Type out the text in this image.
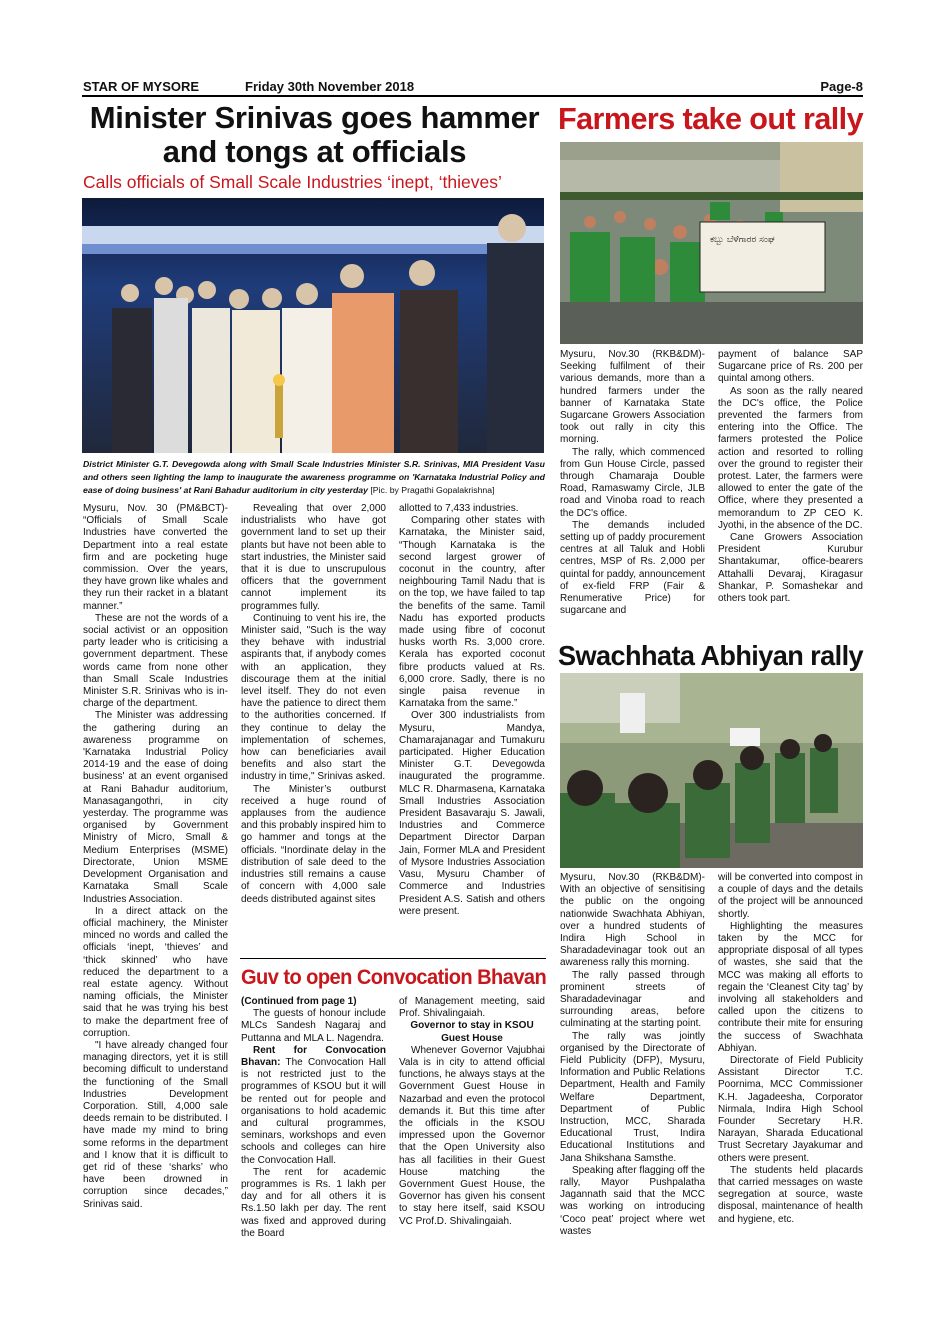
STAR OF MYSORE	Friday 30th November 2018	Page-8
Minister Srinivas goes hammer and tongs at officials
Calls officials of Small Scale Industries ‘inept, ‘thieves’
District Minister G.T. Devegowda along with Small Scale Industries Minister S.R. Srinivas, MIA President Vasu and others seen lighting the lamp to inaugurate the awareness programme on 'Karnataka Industrial Policy and ease of doing business' at Rani Bahadur auditorium in city yesterday [Pic. by Pragathi Gopalakrishna]

Mysuru, Nov. 30 (PM&BCT)- “Officials of Small Scale Industries have converted the Department into a real estate firm and are pocketing huge commission. Over the years, they have grown like whales and they run their racket in a blatant manner.”

These are not the words of a social activist or an opposition party leader who is criticising a government department. These words came from none other than Small Scale Industries Minister S.R. Srinivas who is in-charge of the department.

The Minister was addressing the gathering during an awareness programme on 'Karnataka Industrial Policy 2014-19 and the ease of doing business' at an event organised at Rani Bahadur auditorium, Manasagangothri, in city yesterday. The programme was organised by Government Ministry of Micro, Small & Medium Enterprises (MSME) Directorate, Union MSME Development Organisation and Karnataka Small Scale Industries Association.

In a direct attack on the official machinery, the Minister minced no words and called the officials ‘inept, ‘thieves’ and ‘thick skinned’ who have reduced the department to a real estate agency. Without naming officials, the Minister said that he was trying his best to make the department free of corruption.

"I have already changed four managing directors, yet it is still becoming difficult to understand the functioning of the Small Industries Development Corporation. Still, 4,000 sale deeds remain to be distributed. I have made my mind to bring some reforms in the department and I know that it is difficult to get rid of these ‘sharks’ who have been drowned in corruption since decades,” Srinivas said.

Revealing that over 2,000 industrialists who have got government land to set up their plants but have not been able to start industries, the Minister said that it is due to unscrupulous officers that the government cannot implement its programmes fully.

Continuing to vent his ire, the Minister said, "Such is the way they behave with industrial aspirants that, if anybody comes with an application, they discourage them at the initial level itself. They do not even have the patience to direct them to the authorities concerned. If they continue to delay the implementation of schemes, how can beneficiaries avail benefits and also start the industry in time," Srinivas asked.

The Minister’s outburst received a huge round of applauses from the audience and this probably inspired him to go hammer and tongs at the officials. “Inordinate delay in the distribution of sale deed to the industries still remains a cause of concern with 4,000 sale deeds distributed against sites

allotted to 7,433 industries.

Comparing other states with Karnataka, the Minister said, “Though Karnataka is the second largest grower of coconut in the country, after neighbouring Tamil Nadu that is on the top, we have failed to tap the benefits of the same. Tamil Nadu has exported products made using fibre of coconut husks worth Rs. 3,000 crore. Kerala has exported coconut fibre products valued at Rs. 6,000 crore. Sadly, there is no single paisa revenue in Karnataka from the same.”

Over 300 industrialists from Mysuru, Mandya, Chamarajanagar and Tumakuru participated. Higher Education Minister G.T. Devegowda inaugurated the programme. MLC R. Dharmasena, Karnataka Small Industries Association President Basavaraju S. Jawali, Industries and Commerce Department Director Darpan Jain, Former MLA and President of Mysore Industries Association Vasu, Mysuru Chamber of Commerce and Industries President A.S. Satish and others were present.

Guv to open Convocation Bhavan

(Continued from page 1)

The guests of honour include MLCs Sandesh Nagaraj and Puttanna and MLA L. Nagendra.

Rent for Convocation Bhavan: The Convocation Hall is not restricted just to the programmes of KSOU but it will be rented out for people and organisations to hold academic and cultural programmes, seminars, workshops and even schools and colleges can hire the Convocation Hall.

The rent for academic programmes is Rs. 1 lakh per day and for all others it is Rs.1.50 lakh per day. The rent was fixed and approved during the Board

of Management meeting, said Prof. Shivalingaiah.

Governor to stay in KSOU Guest House

Whenever Governor Vajubhai Vala is in city to attend official functions, he always stays at the Government Guest House in Nazarbad and even the protocol demands it. But this time after the officials in the KSOU impressed upon the Governor that the Open University also has all facilities in their Guest House matching the Government Guest House, the Governor has given his consent to stay here itself, said KSOU VC Prof.D. Shivalingaiah.

Farmers take out rally
ಕಬ್ಬು ಬೆಳೆಗಾರರ ಸಂಘ

Mysuru, Nov.30 (RKB&DM)- Seeking fulfilment of their various demands, more than a hundred farmers under the banner of Karnataka State Sugarcane Growers Association took out rally in city this morning.

The rally, which commenced from Gun House Circle, passed through Chamaraja Double Road, Ramaswamy Circle, JLB road and Vinoba road to reach the DC's office.

The demands included setting up of paddy procurement centres at all Taluk and Hobli centres, MSP of Rs. 2,000 per quintal for paddy, announcement of ex-field FRP (Fair & Renumerative Price) for sugarcane and

payment of balance SAP Sugarcane price of Rs. 200 per quintal among others.

As soon as the rally neared the DC's office, the Police prevented the farmers from entering into the Office. The farmers protested the Police action and resorted to rolling over the ground to register their protest. Later, the farmers were allowed to enter the gate of the Office, where they presented a memorandum to ZP CEO K. Jyothi, in the absence of the DC.

Cane Growers Association President Kurubur Shantakumar, office-bearers Attahalli Devaraj, Kiragasur Shankar, P. Somashekar and others took part.

Swachhata Abhiyan rally

Mysuru, Nov.30 (RKB&DM)- With an objective of sensitising the public on the ongoing nationwide Swachhata Abhiyan, over a hundred students of Indira High School in Sharadadevinagar took out an awareness rally this morning.

The rally passed through prominent streets of Sharadadevinagar and surrounding areas, before culminating at the starting point.

The rally was jointly organised by the Directorate of Field Publicity (DFP), Mysuru, Information and Public Relations Department, Health and Family Welfare Department, Department of Public Instruction, MCC, Sharada Educational Trust, Indira Educational Institutions and Jana Shikshana Samsthe.

Speaking after flagging off the rally, Mayor Pushpalatha Jagannath said that the MCC was working on introducing ‘Coco peat’ project where wet wastes

will be converted into compost in a couple of days and the details of the project will be announced shortly.

Highlighting the measures taken by the MCC for appropriate disposal of all types of wastes, she said that the MCC was making all efforts to regain the ‘Cleanest City tag’ by involving all stakeholders and called upon the citizens to contribute their mite for ensuring the success of Swachhata Abhiyan.

Directorate of Field Publicity Assistant Director T.C. Poornima, MCC Commissioner K.H. Jagadeesha, Corporator Nirmala, Indira High School Founder Secretary H.R. Narayan, Sharada Educational Trust Secretary Jayakumar and others were present.

The students held placards that carried messages on waste segregation at source, waste disposal, maintenance of health and hygiene, etc.
